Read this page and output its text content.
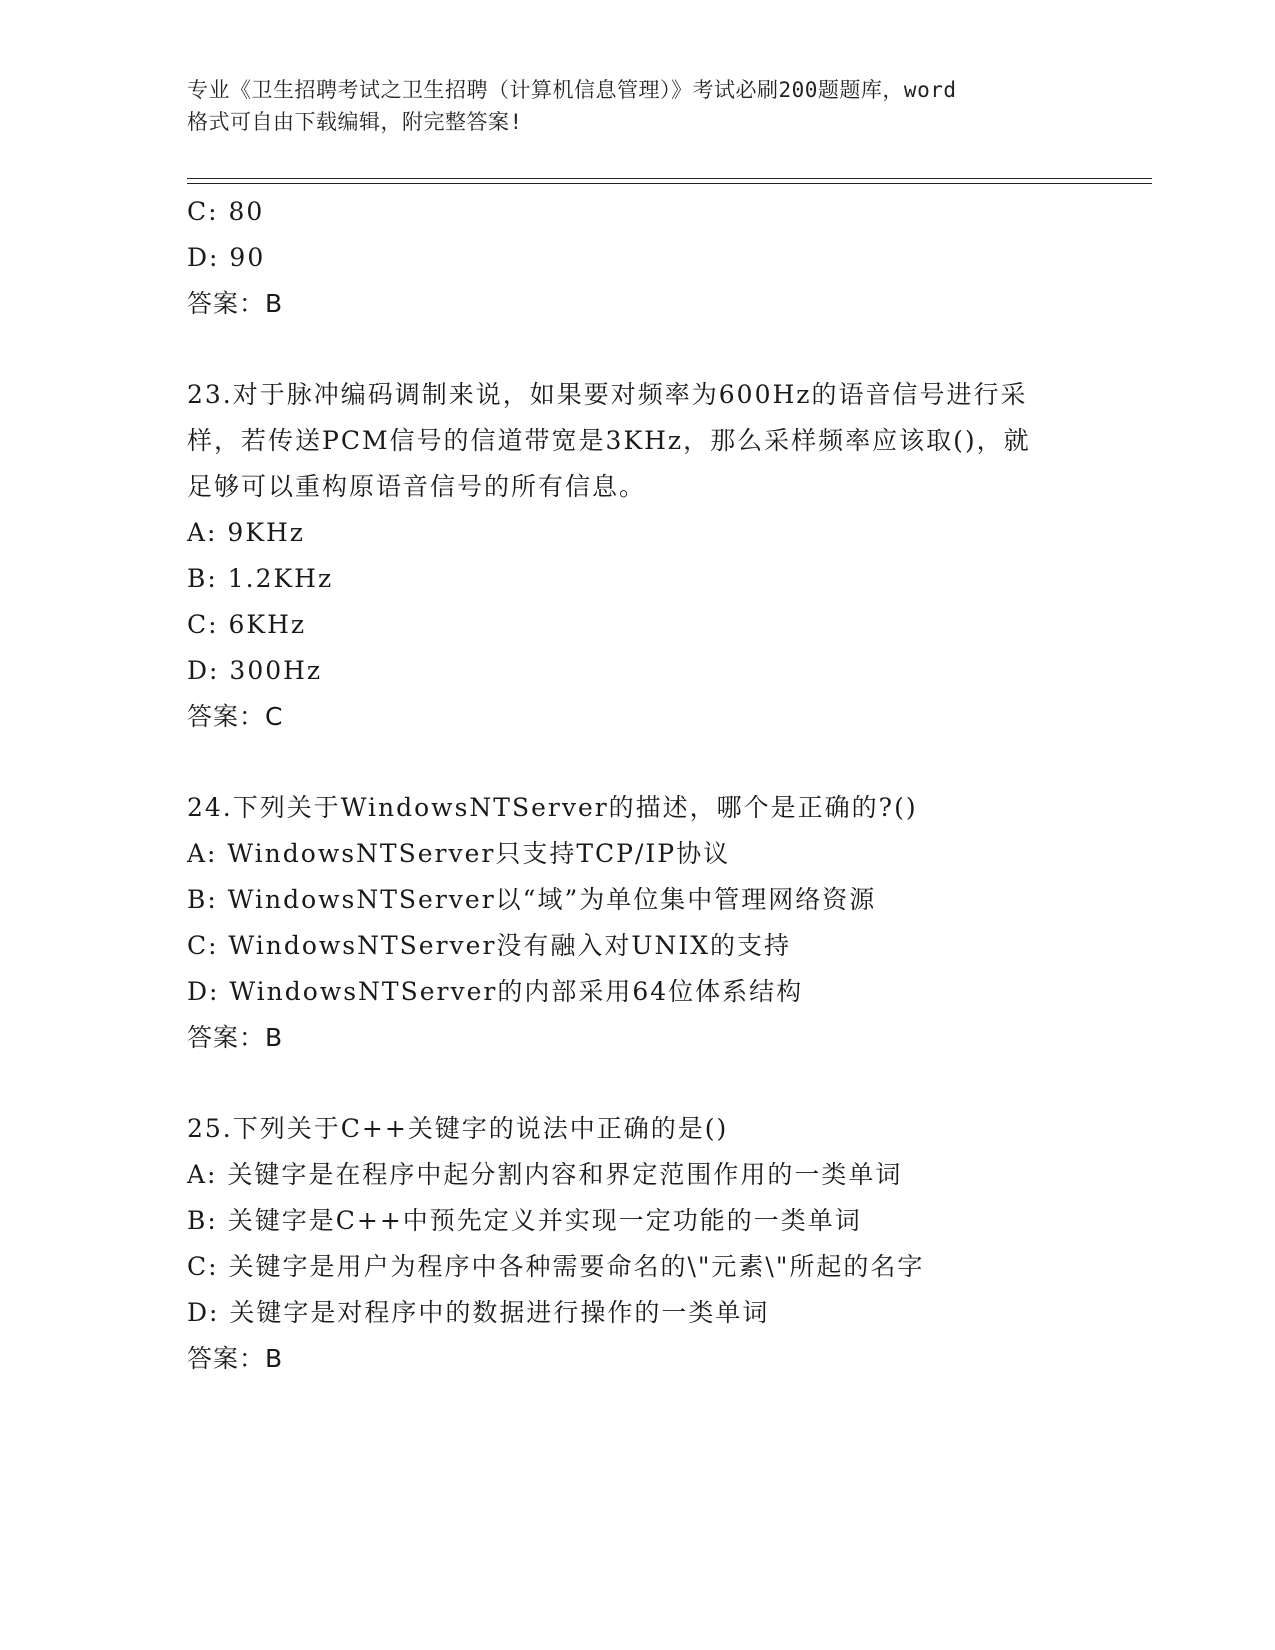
专业《卫生招聘考试之卫生招聘（计算机信息管理）》考试必刷200题题库，word
格式可自由下载编辑，附完整答案!
C: 80
D: 90
答案：B
23.对于脉冲编码调制来说，如果要对频率为600Hz的语音信号进行采
样，若传送PCM信号的信道带宽是3KHz，那么采样频率应该取()，就
足够可以重构原语音信号的所有信息。
A: 9KHz
B: 1.2KHz
C: 6KHz
D: 300Hz
答案：C
24.下列关于WindowsNTServer的描述，哪个是正确的?()
A: WindowsNTServer只支持TCP/IP协议
B: WindowsNTServer以“域”为单位集中管理网络资源
C: WindowsNTServer没有融入对UNIX的支持
D: WindowsNTServer的内部采用64位体系结构
答案：B
25.下列关于C++关键字的说法中正确的是()
A: 关键字是在程序中起分割内容和界定范围作用的一类单词
B: 关键字是C++中预先定义并实现一定功能的一类单词
C: 关键字是用户为程序中各种需要命名的\"元素\"所起的名字
D: 关键字是对程序中的数据进行操作的一类单词
答案：B
